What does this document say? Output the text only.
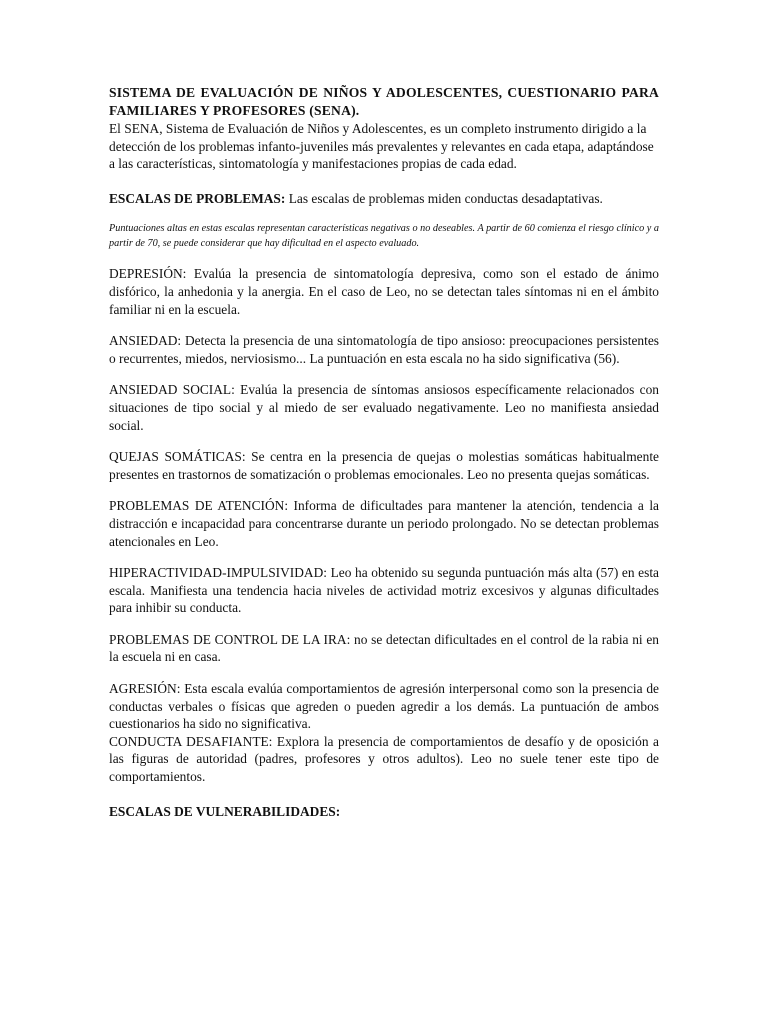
SISTEMA DE EVALUACIÓN DE NIÑOS Y ADOLESCENTES, CUESTIONARIO PARA FAMILIARES Y PROFESORES (SENA).

El SENA, Sistema de Evaluación de Niños y Adolescentes, es un completo instrumento dirigido a la detección de los problemas infanto-juveniles más prevalentes y relevantes en cada etapa, adaptándose a las características, sintomatología y manifestaciones propias de cada edad.

ESCALAS DE PROBLEMAS: Las escalas de problemas miden conductas desadaptativas.

Puntuaciones altas en estas escalas representan características negativas o no deseables. A partir de 60 comienza el riesgo clínico y a partir de 70, se puede considerar que hay dificultad en el aspecto evaluado.

DEPRESIÓN: Evalúa la presencia de sintomatología depresiva, como son el estado de ánimo disfórico, la anhedonia y la anergia. En el caso de Leo, no se detectan tales síntomas ni en el ámbito familiar ni en la escuela.

ANSIEDAD: Detecta la presencia de una sintomatología de tipo ansioso: preocupaciones persistentes o recurrentes, miedos, nerviosismo... La puntuación en esta escala no ha sido significativa (56).

ANSIEDAD SOCIAL: Evalúa la presencia de síntomas ansiosos específicamente relacionados con situaciones de tipo social y al miedo de ser evaluado negativamente. Leo no manifiesta ansiedad social.

QUEJAS SOMÁTICAS: Se centra en la presencia de quejas o molestias somáticas habitualmente presentes en trastornos de somatización o problemas emocionales. Leo no presenta quejas somáticas.

PROBLEMAS DE ATENCIÓN: Informa de dificultades para mantener la atención, tendencia a la distracción e incapacidad para concentrarse durante un periodo prolongado. No se detectan problemas atencionales en Leo.

HIPERACTIVIDAD-IMPULSIVIDAD: Leo ha obtenido su segunda puntuación más alta (57) en esta escala. Manifiesta una tendencia hacia niveles de actividad motriz excesivos y algunas dificultades para inhibir su conducta.

PROBLEMAS DE CONTROL DE LA IRA: no se detectan dificultades en el control de la rabia ni en la escuela ni en casa.

AGRESIÓN: Esta escala evalúa comportamientos de agresión interpersonal como son la presencia de conductas verbales o físicas que agreden o pueden agredir a los demás. La puntuación de ambos cuestionarios ha sido no significativa.

CONDUCTA DESAFIANTE: Explora la presencia de comportamientos de desafío y de oposición a las figuras de autoridad (padres, profesores y otros adultos). Leo no suele tener este tipo de comportamientos.

ESCALAS DE VULNERABILIDADES:
